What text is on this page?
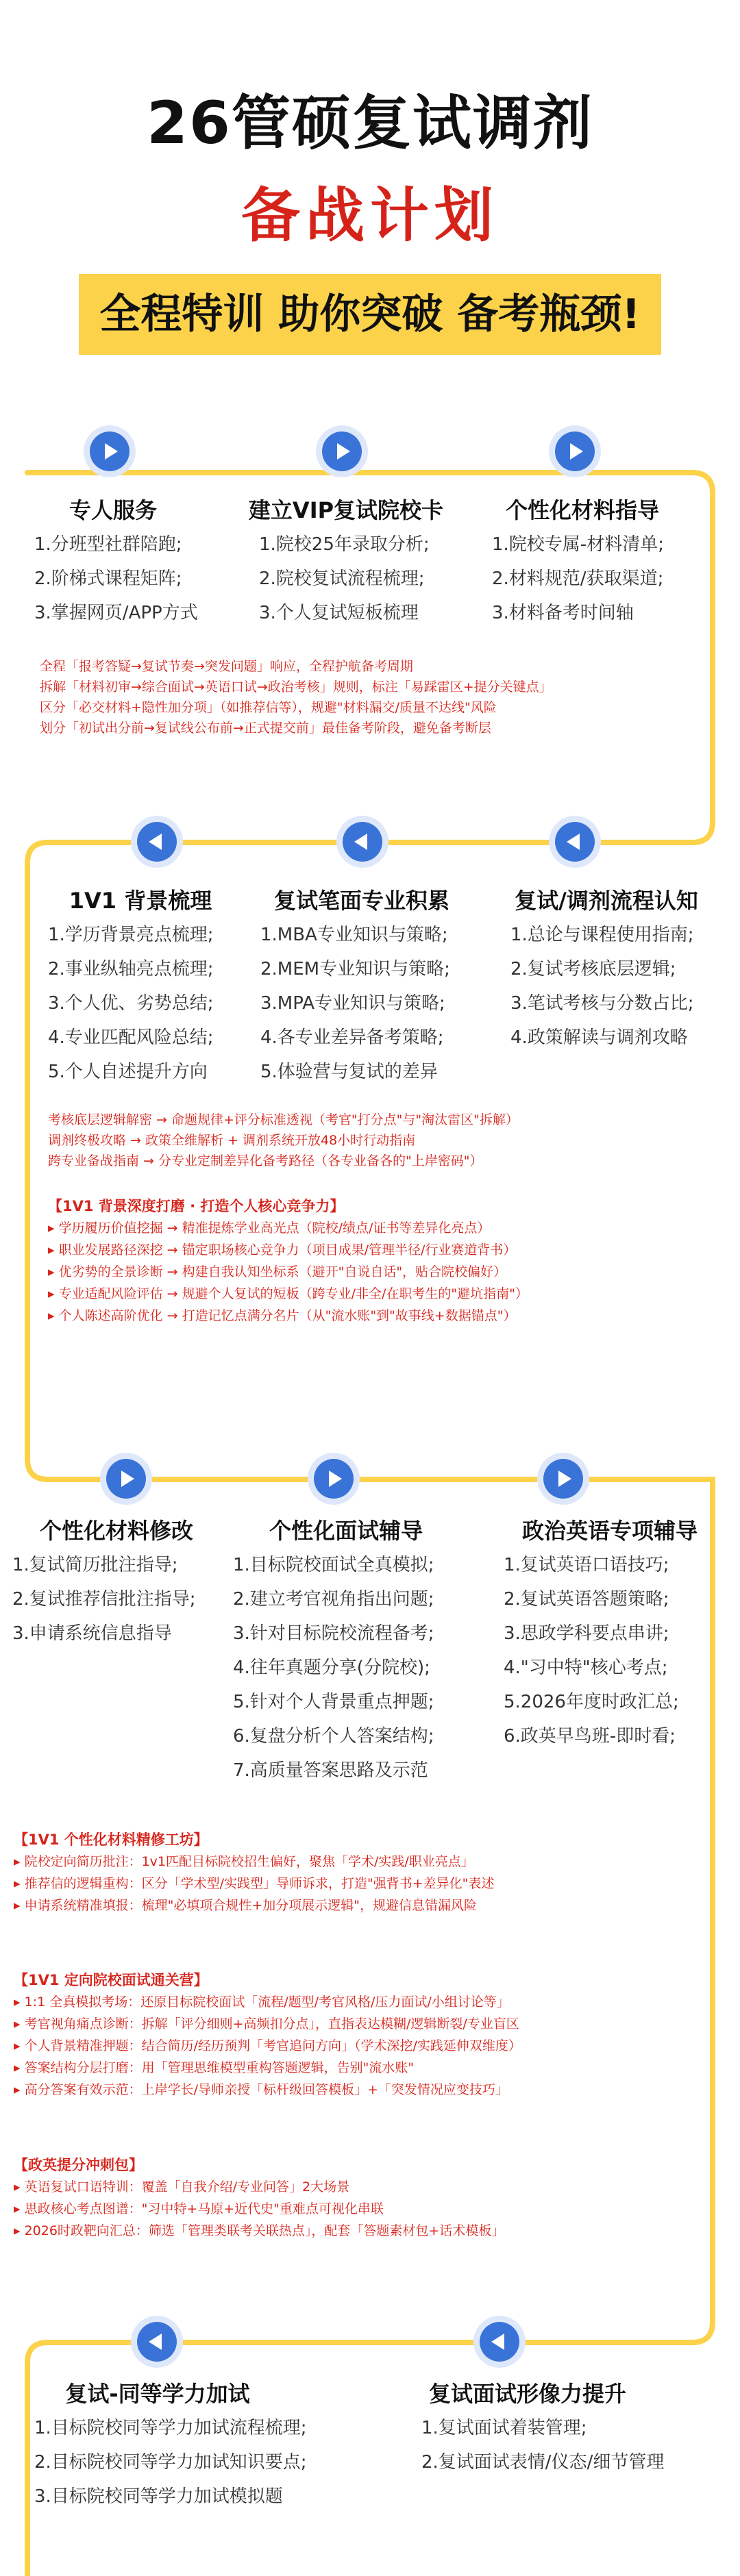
26管硕复试调剂
备战计划
全程特训 助你突破 备考瓶颈!
专人服务
1.分班型社群陪跑;
2.阶梯式课程矩阵;
3.掌握网页/APP方式
建立VIP复试院校卡
1.院校25年录取分析;
2.院校复试流程梳理;
3.个人复试短板梳理
个性化材料指导
1.院校专属-材料清单;
2.材料规范/获取渠道;
3.材料备考时间轴
全程「报考答疑→复试节奏→突发问题」响应，全程护航备考周期
拆解「材料初审→综合面试→英语口试→政治考核」规则，标注「易踩雷区+提分关键点」
区分「必交材料+隐性加分项」（如推荐信等），规避"材料漏交/质量不达线"风险
划分「初试出分前→复试线公布前→正式提交前」最佳备考阶段，避免备考断层
1V1 背景梳理
1.学历背景亮点梳理;
2.事业纵轴亮点梳理;
3.个人优、劣势总结;
4.专业匹配风险总结;
5.个人自述提升方向
复试笔面专业积累
1.MBA专业知识与策略;
2.MEM专业知识与策略;
3.MPA专业知识与策略;
4.各专业差异备考策略;
5.体验营与复试的差异
复试/调剂流程认知
1.总论与课程使用指南;
2.复试考核底层逻辑;
3.笔试考核与分数占比;
4.政策解读与调剂攻略
考核底层逻辑解密 → 命题规律+评分标准透视（考官"打分点"与"淘汰雷区"拆解）
调剂终极攻略 → 政策全维解析 + 调剂系统开放48小时行动指南
跨专业备战指南 → 分专业定制差异化备考路径（各专业备各的"上岸密码"）
【1V1 背景深度打磨 · 打造个人核心竞争力】
▸ 学历履历价值挖掘 → 精准提炼学业高光点（院校/绩点/证书等差异化亮点）
▸ 职业发展路径深挖 → 锚定职场核心竞争力（项目成果/管理半径/行业赛道背书）
▸ 优劣势的全景诊断 → 构建自我认知坐标系（避开"自说自话"，贴合院校偏好）
▸ 专业适配风险评估 → 规避个人复试的短板（跨专业/非全/在职考生的"避坑指南"）
▸ 个人陈述高阶优化 → 打造记忆点满分名片（从"流水账"到"故事线+数据锚点"）
个性化材料修改
1.复试简历批注指导;
2.复试推荐信批注指导;
3.申请系统信息指导
个性化面试辅导
1.目标院校面试全真模拟;
2.建立考官视角指出问题;
3.针对目标院校流程备考;
4.往年真题分享(分院校);
5.针对个人背景重点押题;
6.复盘分析个人答案结构;
7.高质量答案思路及示范
政治英语专项辅导
1.复试英语口语技巧;
2.复试英语答题策略;
3.思政学科要点串讲;
4."习中特"核心考点;
5.2026年度时政汇总;
6.政英早鸟班-即时看;
【1V1 个性化材料精修工坊】
▸ 院校定向简历批注：1v1匹配目标院校招生偏好，聚焦「学术/实践/职业亮点」
▸ 推荐信的逻辑重构：区分「学术型/实践型」导师诉求，打造"强背书+差异化"表述
▸ 申请系统精准填报：梳理"必填项合规性+加分项展示逻辑"，规避信息错漏风险
【1V1 定向院校面试通关营】
▸ 1:1 全真模拟考场：还原目标院校面试「流程/题型/考官风格/压力面试/小组讨论等」
▸ 考官视角痛点诊断：拆解「评分细则+高频扣分点」，直指表达模糊/逻辑断裂/专业盲区
▸ 个人背景精准押题：结合简历/经历预判「考官追问方向」（学术深挖/实践延伸双维度）
▸ 答案结构分层打磨：用「管理思维模型重构答题逻辑，告别"流水账"
▸ 高分答案有效示范：上岸学长/导师亲授「标杆级回答模板」+「突发情况应变技巧」
【政英提分冲刺包】
▸ 英语复试口语特训：覆盖「自我介绍/专业问答」2大场景
▸ 思政核心考点图谱："习中特+马原+近代史"重难点可视化串联
▸ 2026时政靶向汇总：筛选「管理类联考关联热点」，配套「答题素材包+话术模板」
复试-同等学力加试
1.目标院校同等学力加试流程梳理;
2.目标院校同等学力加试知识要点;
3.目标院校同等学力加试模拟题
复试面试形像力提升
1.复试面试着装管理;
2.复试面试表情/仪态/细节管理
